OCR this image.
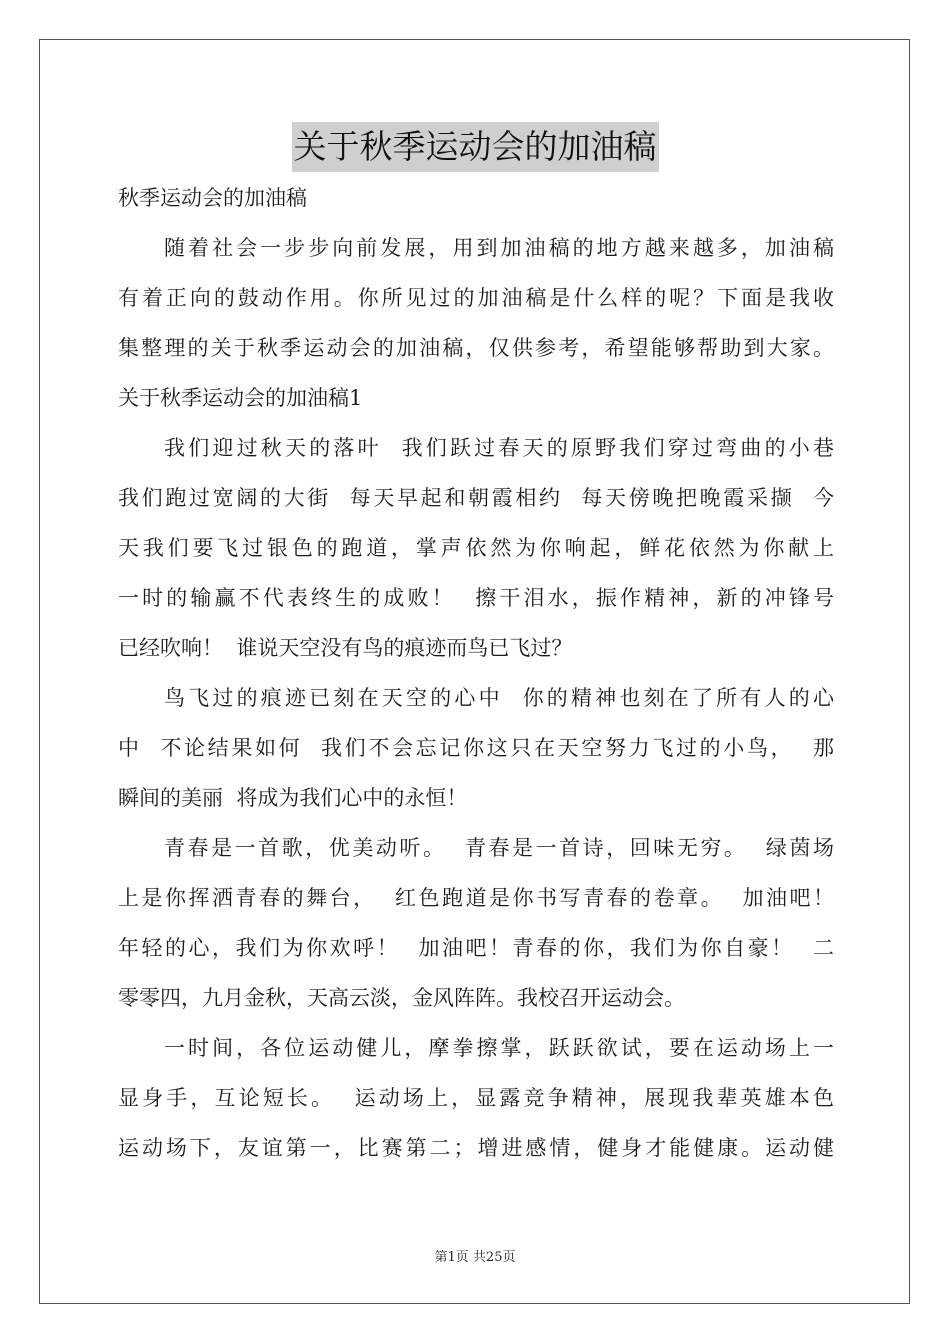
关于秋季运动会的加油稿
秋季运动会的加油稿
随着社会一步步向前发展，用到加油稿的地方越来越多，加油稿
有着正向的鼓动作用。你所见过的加油稿是什么样的呢？下面是我收
集整理的关于秋季运动会的加油稿，仅供参考，希望能够帮助到大家。
关于秋季运动会的加油稿1
我们迎过秋天的落叶  我们跃过春天的原野我们穿过弯曲的小巷
我们跑过宽阔的大街  每天早起和朝霞相约  每天傍晚把晚霞采撷  今
天我们要飞过银色的跑道，掌声依然为你响起，鲜花依然为你献上
一时的输赢不代表终生的成败！  擦干泪水，振作精神，新的冲锋号
已经吹响！  谁说天空没有鸟的痕迹而鸟已飞过？
鸟飞过的痕迹已刻在天空的心中  你的精神也刻在了所有人的心
中  不论结果如何  我们不会忘记你这只在天空努力飞过的小鸟，  那
瞬间的美丽  将成为我们心中的永恒！
青春是一首歌，优美动听。  青春是一首诗，回味无穷。  绿茵场
上是你挥洒青春的舞台，  红色跑道是你书写青春的卷章。  加油吧！
年轻的心，我们为你欢呼！  加油吧！青春的你，我们为你自豪！  二
零零四，九月金秋，天高云淡，金风阵阵。我校召开运动会。
一时间，各位运动健儿，摩拳擦掌，跃跃欲试，要在运动场上一
显身手，互论短长。  运动场上，显露竞争精神，展现我辈英雄本色
运动场下，友谊第一，比赛第二；增进感情，健身才能健康。运动健
第1页 共25页
